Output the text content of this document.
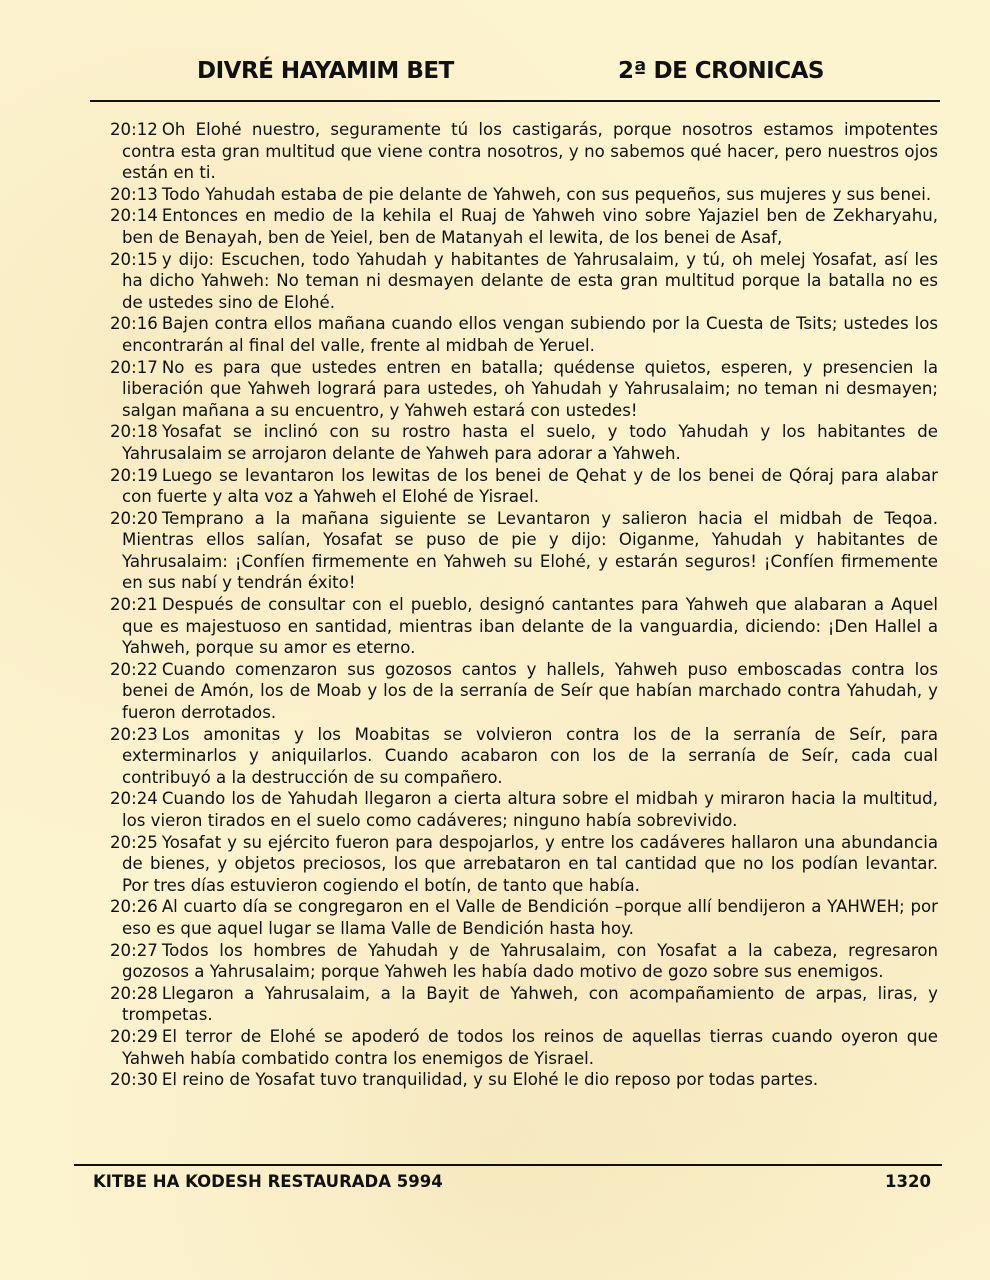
DIVRÉ HAYAMIM BET	2ª DE CRONICAS

20:12 Oh Elohé nuestro, seguramente tú los castigarás, porque nosotros estamos impotentes contra esta gran multitud que viene contra nosotros, y no sabemos qué hacer, pero nuestros ojos están en ti.

20:13 Todo Yahudah estaba de pie delante de Yahweh, con sus pequeños, sus mujeres y sus benei.

20:14 Entonces en medio de la kehila el Ruaj de Yahweh vino sobre Yajaziel ben de Zekharyahu, ben de Benayah, ben de Yeiel, ben de Matanyah el lewita, de los benei de Asaf,

20:15 y dijo: Escuchen, todo Yahudah y habitantes de Yahrusalaim, y tú, oh melej Yosafat, así les ha dicho Yahweh: No teman ni desmayen delante de esta gran multitud porque la batalla no es de ustedes sino de Elohé.

20:16 Bajen contra ellos mañana cuando ellos vengan subiendo por la Cuesta de Tsits; ustedes los encontrarán al final del valle, frente al midbah de Yeruel.

20:17 No es para que ustedes entren en batalla; quédense quietos, esperen, y presencien la liberación que Yahweh logrará para ustedes, oh Yahudah y Yahrusalaim; no teman ni desmayen; salgan mañana a su encuentro, y Yahweh estará con ustedes!

20:18 Yosafat se inclinó con su rostro hasta el suelo, y todo Yahudah y los habitantes de Yahrusalaim se arrojaron delante de Yahweh para adorar a Yahweh.

20:19 Luego se levantaron los lewitas de los benei de Qehat y de los benei de Qóraj para alabar con fuerte y alta voz a Yahweh el Elohé de Yisrael.

20:20 Temprano a la mañana siguiente se Levantaron y salieron hacia el midbah de Teqoa. Mientras ellos salían, Yosafat se puso de pie y dijo: Oiganme, Yahudah y habitantes de Yahrusalaim: ¡Confíen firmemente en Yahweh su Elohé, y estarán seguros! ¡Confíen firmemente en sus nabí y tendrán éxito!

20:21 Después de consultar con el pueblo, designó cantantes para Yahweh que alabaran a Aquel que es majestuoso en santidad, mientras iban delante de la vanguardia, diciendo: ¡Den Hallel a Yahweh, porque su amor es eterno.

20:22 Cuando comenzaron sus gozosos cantos y hallels, Yahweh puso emboscadas contra los benei de Amón, los de Moab y los de la serranía de Seír que habían marchado contra Yahudah, y fueron derrotados.

20:23 Los amonitas y los Moabitas se volvieron contra los de la serranía de Seír, para exterminarlos y aniquilarlos. Cuando acabaron con los de la serranía de Seír, cada cual contribuyó a la destrucción de su compañero.

20:24 Cuando los de Yahudah llegaron a cierta altura sobre el midbah y miraron hacia la multitud, los vieron tirados en el suelo como cadáveres; ninguno había sobrevivido.

20:25 Yosafat y su ejército fueron para despojarlos, y entre los cadáveres hallaron una abundancia de bienes, y objetos preciosos, los que arrebataron en tal cantidad que no los podían levantar. Por tres días estuvieron cogiendo el botín, de tanto que había.

20:26 Al cuarto día se congregaron en el Valle de Bendición –porque allí bendijeron a YAHWEH; por eso es que aquel lugar se llama Valle de Bendición hasta hoy.

20:27 Todos los hombres de Yahudah y de Yahrusalaim, con Yosafat a la cabeza, regresaron gozosos a Yahrusalaim; porque Yahweh les había dado motivo de gozo sobre sus enemigos.

20:28 Llegaron a Yahrusalaim, a la Bayit de Yahweh, con acompañamiento de arpas, liras, y trompetas.

20:29 El terror de Elohé se apoderó de todos los reinos de aquellas tierras cuando oyeron que Yahweh había combatido contra los enemigos de Yisrael.

20:30 El reino de Yosafat tuvo tranquilidad, y su Elohé le dio reposo por todas partes.

KITBE HA KODESH RESTAURADA 5994	1320
